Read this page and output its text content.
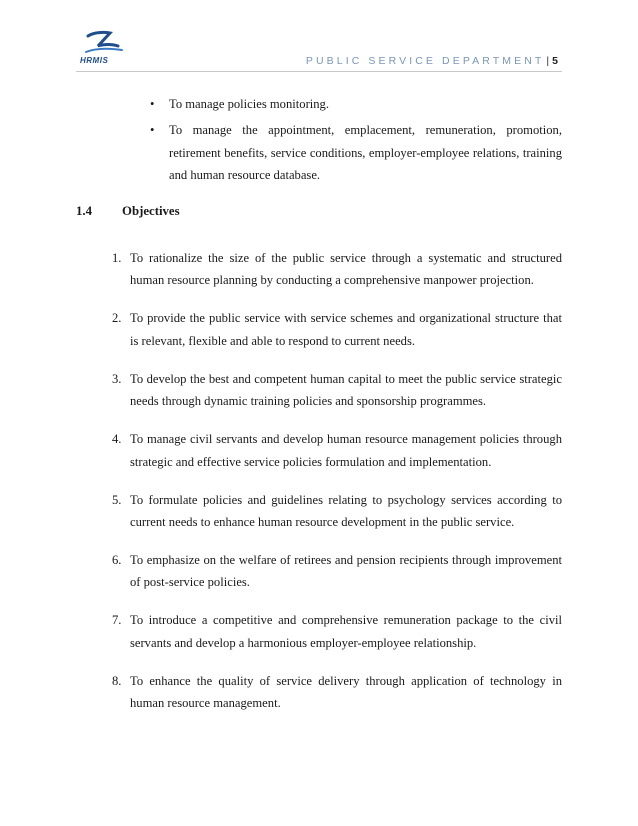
HRMIS	PUBLIC SERVICE DEPARTMENT | 5
• To manage policies monitoring.
• To manage the appointment, emplacement, remuneration, promotion, retirement benefits, service conditions, employer-employee relations, training and human resource database.
1.4 Objectives
1. To rationalize the size of the public service through a systematic and structured human resource planning by conducting a comprehensive manpower projection.
2. To provide the public service with service schemes and organizational structure that is relevant, flexible and able to respond to current needs.
3. To develop the best and competent human capital to meet the public service strategic needs through dynamic training policies and sponsorship programmes.
4. To manage civil servants and develop human resource management policies through strategic and effective service policies formulation and implementation.
5. To formulate policies and guidelines relating to psychology services according to current needs to enhance human resource development in the public service.
6. To emphasize on the welfare of retirees and pension recipients through improvement of post-service policies.
7. To introduce a competitive and comprehensive remuneration package to the civil servants and develop a harmonious employer-employee relationship.
8. To enhance the quality of service delivery through application of technology in human resource management.
